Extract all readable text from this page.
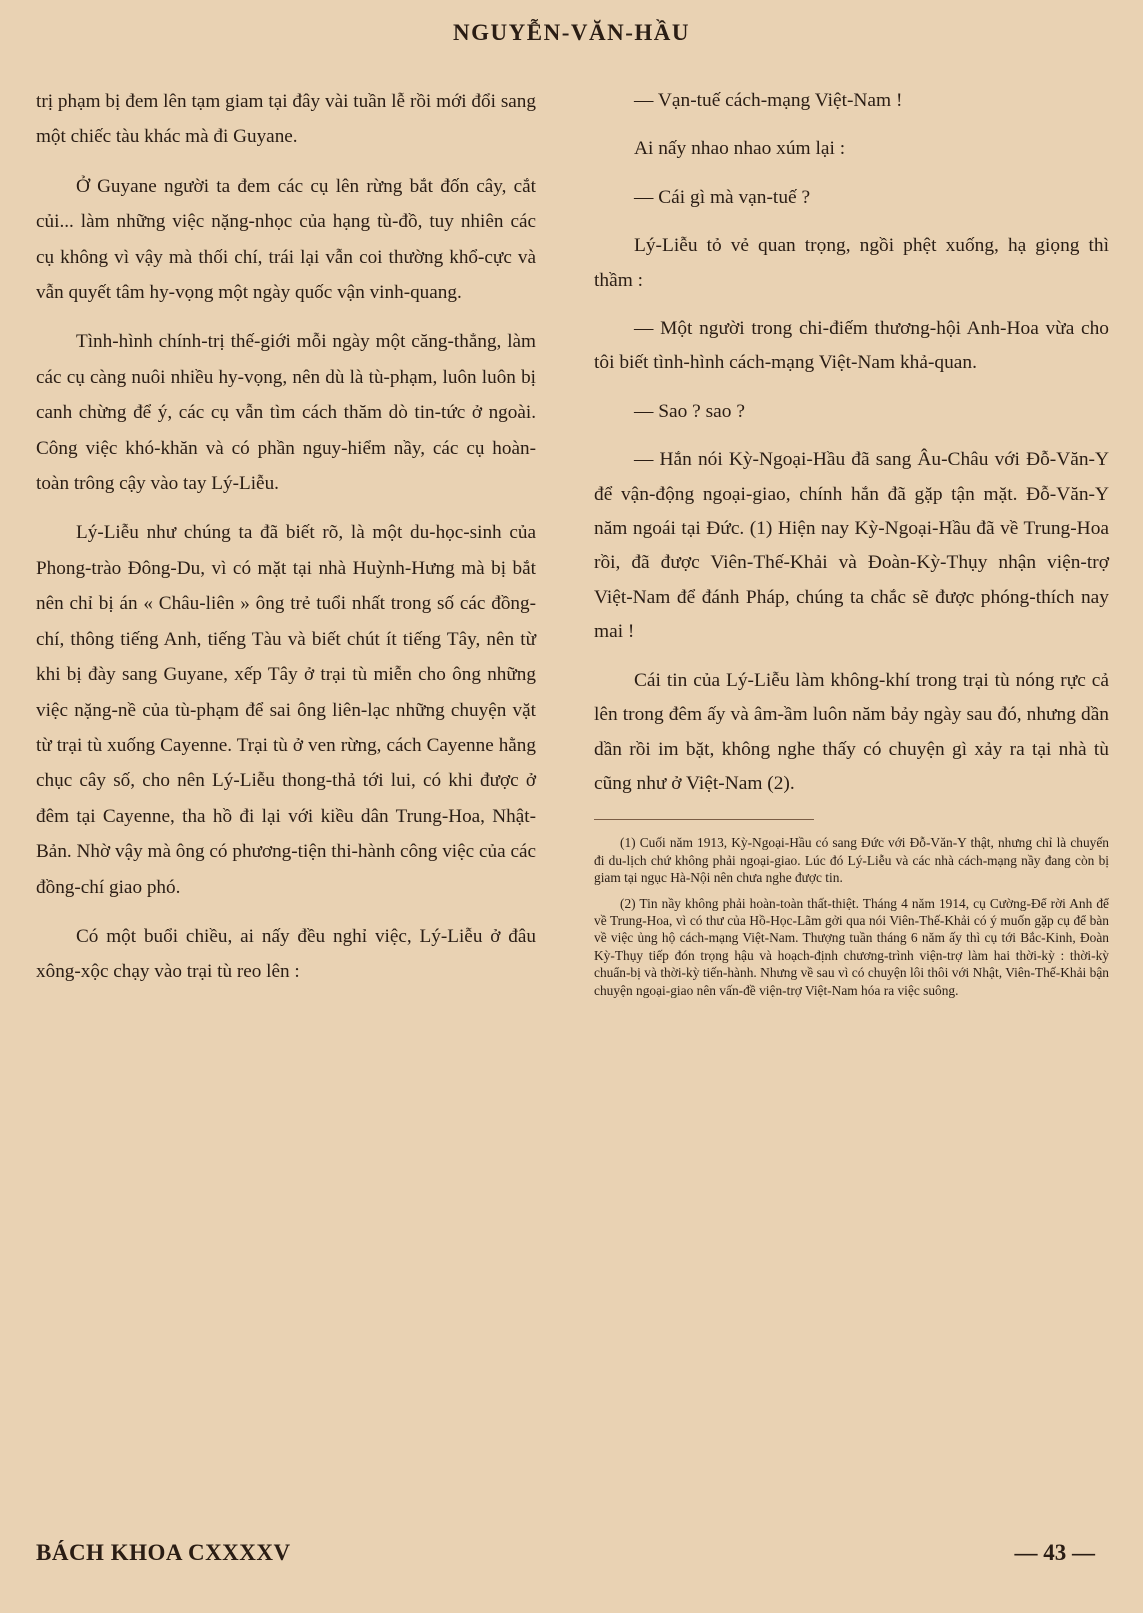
NGUYỄN-VĂN-HẦU

trị phạm bị đem lên tạm giam tại đây vài tuần lễ rồi mới đổi sang một chiếc tàu khác mà đi Guyane.

Ở Guyane người ta đem các cụ lên rừng bắt đốn cây, cắt củi... làm những việc nặng-nhọc của hạng tù-đồ, tuy nhiên các cụ không vì vậy mà thối chí, trái lại vẫn coi thường khổ-cực và vẫn quyết tâm hy-vọng một ngày quốc vận vinh-quang.

Tình-hình chính-trị thế-giới mỗi ngày một căng-thẳng, làm các cụ càng nuôi nhiều hy-vọng, nên dù là tù-phạm, luôn luôn bị canh chừng để ý, các cụ vẫn tìm cách thăm dò tin-tức ở ngoài. Công việc khó-khăn và có phần nguy-hiểm nầy, các cụ hoàn-toàn trông cậy vào tay Lý-Liễu.

Lý-Liễu như chúng ta đã biết rõ, là một du-học-sinh của Phong-trào Đông-Du, vì có mặt tại nhà Huỳnh-Hưng mà bị bắt nên chỉ bị án « Châu-liên » ông trẻ tuổi nhất trong số các đồng-chí, thông tiếng Anh, tiếng Tàu và biết chút ít tiếng Tây, nên từ khi bị đày sang Guyane, xếp Tây ở trại tù miễn cho ông những việc nặng-nề của tù-phạm để sai ông liên-lạc những chuyện vặt từ trại tù xuống Cayenne. Trại tù ở ven rừng, cách Cayenne hằng chục cây số, cho nên Lý-Liễu thong-thả tới lui, có khi được ở đêm tại Cayenne, tha hồ đi lại với kiều dân Trung-Hoa, Nhật-Bản. Nhờ vậy mà ông có phương-tiện thi-hành công việc của các đồng-chí giao phó.

Có một buổi chiều, ai nấy đều nghỉ việc, Lý-Liễu ở đâu xông-xộc chạy vào trại tù reo lên :

— Vạn-tuế cách-mạng Việt-Nam !

Ai nấy nhao nhao xúm lại :

— Cái gì mà vạn-tuế ?

Lý-Liễu tỏ vẻ quan trọng, ngồi phệt xuống, hạ giọng thì thầm :

— Một người trong chi-điếm thương-hội Anh-Hoa vừa cho tôi biết tình-hình cách-mạng Việt-Nam khả-quan.

— Sao ? sao ?

— Hắn nói Kỳ-Ngoại-Hầu đã sang Âu-Châu với Đỗ-Văn-Y để vận-động ngoại-giao, chính hắn đã gặp tận mặt. Đỗ-Văn-Y năm ngoái tại Đức. (1) Hiện nay Kỳ-Ngoại-Hầu đã về Trung-Hoa rồi, đã được Viên-Thế-Khải và Đoàn-Kỳ-Thụy nhận viện-trợ Việt-Nam để đánh Pháp, chúng ta chắc sẽ được phóng-thích nay mai !

Cái tin của Lý-Liễu làm không-khí trong trại tù nóng rực cả lên trong đêm ấy và âm-ầm luôn năm bảy ngày sau đó, nhưng dần dần rồi im bặt, không nghe thấy có chuyện gì xảy ra tại nhà tù cũng như ở Việt-Nam (2).

(1) Cuối năm 1913, Kỳ-Ngoại-Hầu có sang Đức với Đỗ-Văn-Y thật, nhưng chỉ là chuyến đi du-lịch chứ không phải ngoại-giao. Lúc đó Lý-Liễu và các nhà cách-mạng nầy đang còn bị giam tại ngục Hà-Nội nên chưa nghe được tin.

(2) Tin nầy không phải hoàn-toàn thất-thiệt. Tháng 4 năm 1914, cụ Cường-Để rời Anh để về Trung-Hoa, vì có thư của Hồ-Học-Lãm gởi qua nói Viên-Thế-Khải có ý muốn gặp cụ để bàn về việc ủng hộ cách-mạng Việt-Nam. Thượng tuần tháng 6 năm ấy thì cụ tới Bắc-Kinh, Đoàn Kỳ-Thụy tiếp đón trọng hậu và hoạch-định chương-trình viện-trợ làm hai thời-kỳ : thời-kỳ chuẩn-bị và thời-kỳ tiến-hành. Nhưng về sau vì có chuyện lôi thôi với Nhật, Viên-Thế-Khải bận chuyện ngoại-giao nên vấn-đề viện-trợ Việt-Nam hóa ra việc suông.

BÁCH KHOA CXXXXV	— 43 —
